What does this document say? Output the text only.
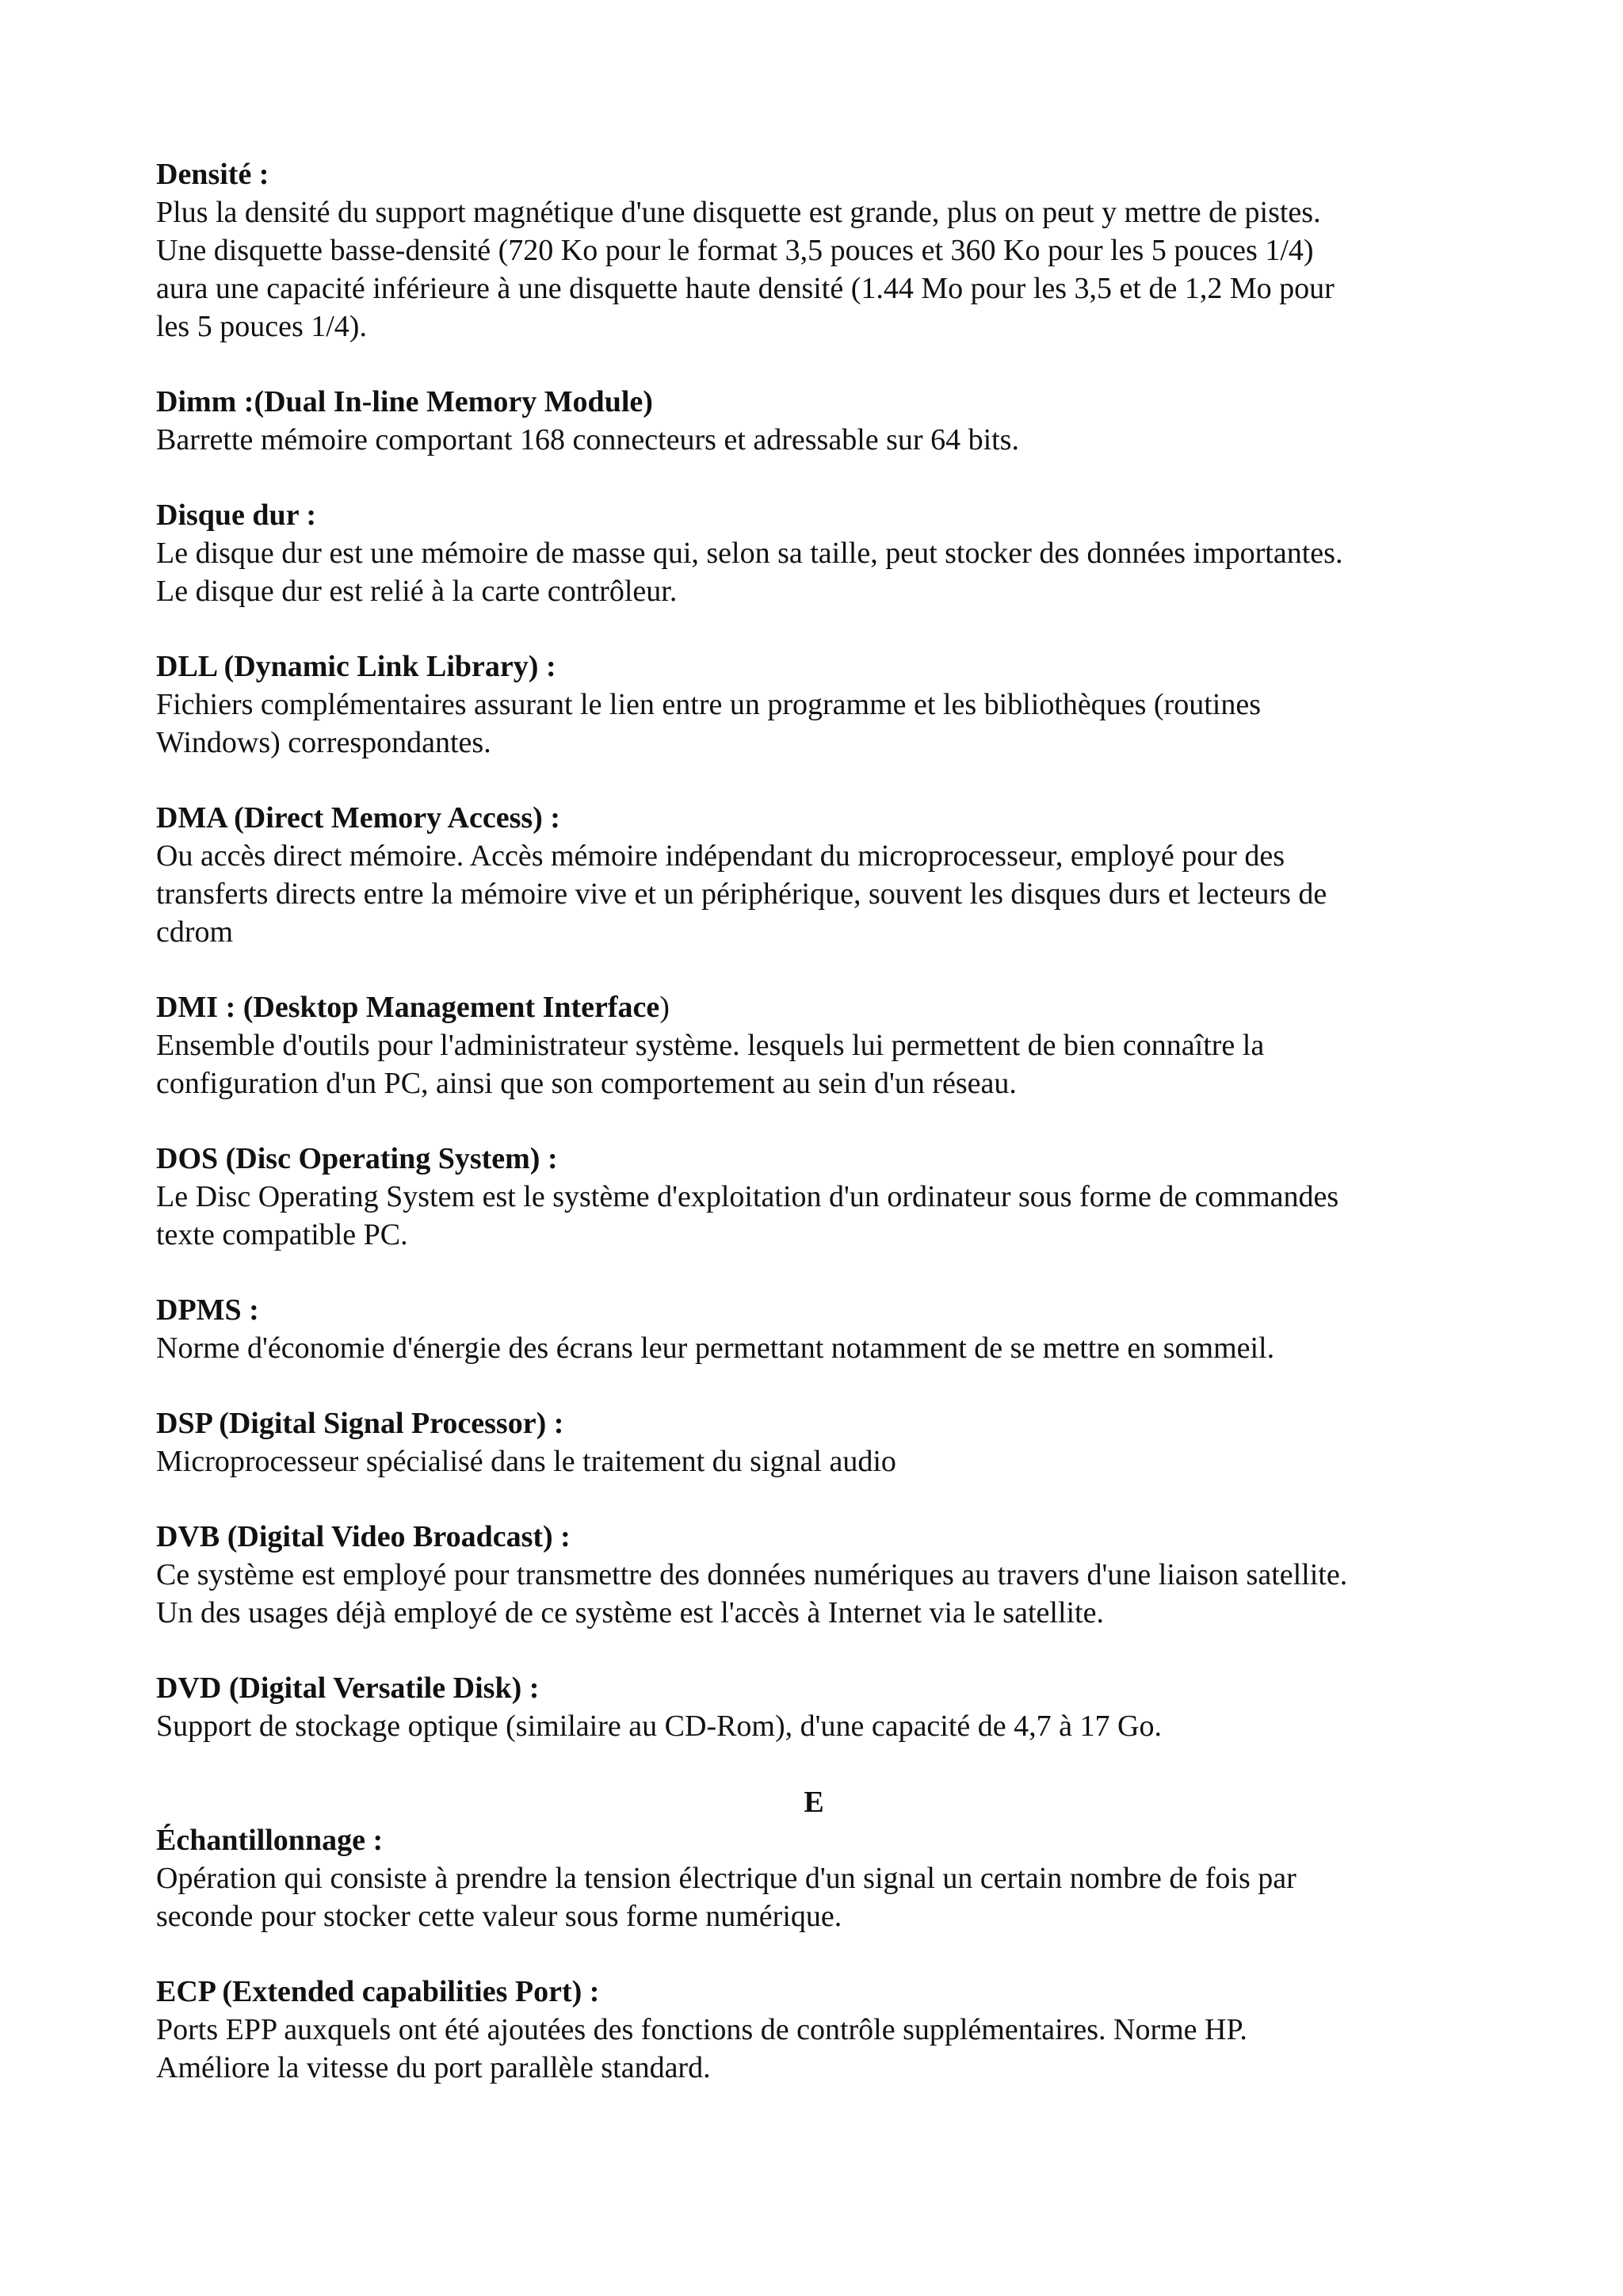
Densité :
Plus la densité du support magnétique d'une disquette est grande, plus on peut y mettre de pistes.
Une disquette basse-densité (720 Ko pour le format 3,5 pouces et 360 Ko pour les 5 pouces 1/4)
aura une capacité inférieure à une disquette haute densité (1.44 Mo pour les 3,5 et de 1,2 Mo pour
les 5 pouces 1/4).
Dimm :(Dual In-line Memory Module)
Barrette mémoire comportant 168 connecteurs et adressable sur 64 bits.
Disque dur :
Le disque dur est une mémoire de masse qui, selon sa taille, peut stocker des données importantes.
Le disque dur est relié à la carte contrôleur.
DLL (Dynamic Link Library) :
Fichiers complémentaires assurant le lien entre un programme et les bibliothèques (routines
Windows) correspondantes.
DMA (Direct Memory Access) :
Ou accès direct mémoire. Accès mémoire indépendant du microprocesseur, employé pour des
transferts directs entre la mémoire vive et un périphérique, souvent les disques durs et lecteurs de
cdrom
DMI : (Desktop Management Interface)
Ensemble d'outils pour l'administrateur système. lesquels lui permettent de bien connaître la
configuration d'un PC, ainsi que son comportement au sein d'un réseau.
DOS (Disc Operating System) :
Le Disc Operating System est le système d'exploitation d'un ordinateur sous forme de commandes
texte compatible PC.
DPMS :
Norme d'économie d'énergie des écrans leur permettant notamment de se mettre en sommeil.
DSP (Digital Signal Processor) :
Microprocesseur spécialisé dans le traitement du signal audio
DVB (Digital Video Broadcast) :
Ce système est employé pour transmettre des données numériques au travers d'une liaison satellite.
Un des usages déjà employé de ce système est l'accès à Internet via le satellite.
DVD (Digital Versatile Disk) :
Support de stockage optique (similaire au CD-Rom), d'une capacité de 4,7 à 17 Go.
E
Échantillonnage :
Opération qui consiste à prendre la tension électrique d'un signal un certain nombre de fois par
seconde pour stocker cette valeur sous forme numérique.
ECP (Extended capabilities Port) :
Ports EPP auxquels ont été ajoutées des fonctions de contrôle supplémentaires. Norme HP.
Améliore la vitesse du port parallèle standard.
